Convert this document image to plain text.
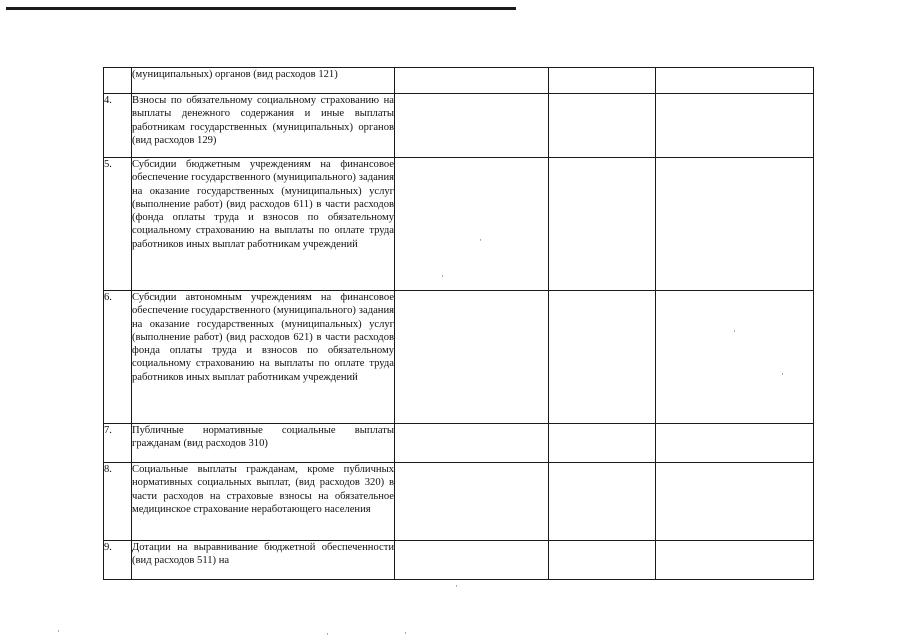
	(муниципальных) органов (вид расходов 121)			
4.	Взносы по обязательному социальному страхованию на выплаты денежного содержания и иные выплаты работникам государственных (муниципальных) органов (вид расходов 129)			
5.	Субсидии бюджетным учреждениям на финансовое обеспечение государственного (муниципального) задания на оказание государственных (муниципальных) услуг (выполнение работ) (вид расходов 611) в части расходов (фонда оплаты труда и взносов по обязательному социальному страхованию на выплаты по оплате труда работников иных выплат работникам учреждений			
6.	Субсидии автономным учреждениям на финансовое обеспечение государственного (муниципального) задания на оказание государственных (муниципальных) услуг (выполнение работ) (вид расходов 621) в части расходов фонда оплаты труда и взносов по обязательному социальному страхованию на выплаты по оплате труда работников иных выплат работникам учреждений			
7.	Публичные нормативные социальные выплаты гражданам (вид расходов 310)			
8.	Социальные выплаты гражданам, кроме публичных нормативных социальных выплат, (вид расходов 320) в части расходов на страховые взносы на обязательное медицинское страхование неработающего населения			
9.	Дотации на выравнивание бюджетной обеспеченности (вид расходов 511) на			
·
·
·
·
·
·	·	·
